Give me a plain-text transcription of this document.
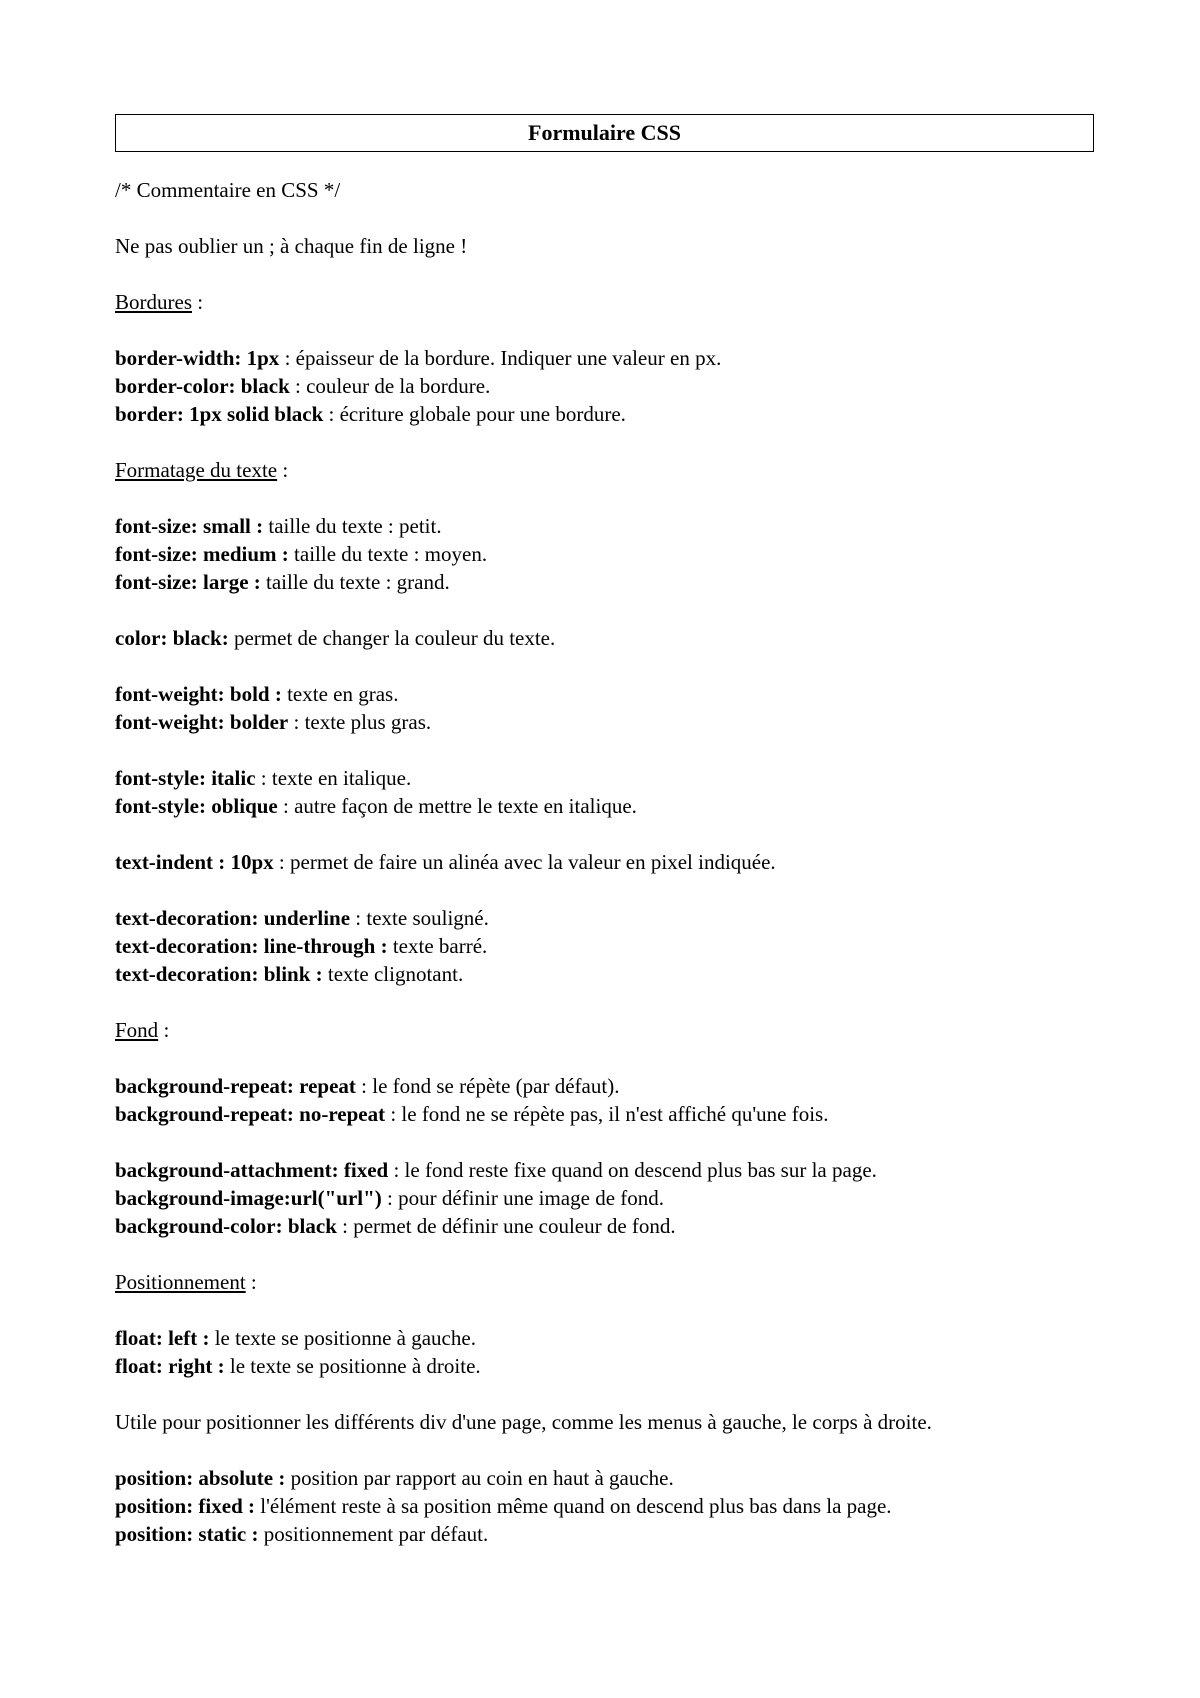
Formulaire CSS
/* Commentaire en CSS */
Ne pas oublier un ; à chaque fin de ligne !
Bordures :
border-width: 1px : épaisseur de la bordure. Indiquer une valeur en px.
border-color: black : couleur de la bordure.
border: 1px solid black : écriture globale pour une bordure.
Formatage du texte :
font-size: small : taille du texte : petit.
font-size: medium : taille du texte : moyen.
font-size: large : taille du texte : grand.
color: black: permet de changer la couleur du texte.
font-weight: bold : texte en gras.
font-weight: bolder : texte plus gras.
font-style: italic : texte en italique.
font-style: oblique : autre façon de mettre le texte en italique.
text-indent : 10px : permet de faire un alinéa avec la valeur en pixel indiquée.
text-decoration: underline : texte souligné.
text-decoration: line-through : texte barré.
text-decoration: blink : texte clignotant.
Fond :
background-repeat: repeat : le fond se répète (par défaut).
background-repeat: no-repeat : le fond ne se répète pas, il n'est affiché qu'une fois.
background-attachment: fixed : le fond reste fixe quand on descend plus bas sur la page.
background-image:url("url") : pour définir une image de fond.
background-color: black : permet de définir une couleur de fond.
Positionnement :
float: left : le texte se positionne à gauche.
float: right : le texte se positionne à droite.
Utile pour positionner les différents div d'une page, comme les menus à gauche, le corps à droite.
position: absolute : position par rapport au coin en haut à gauche.
position: fixed : l'élément reste à sa position même quand on descend plus bas dans la page.
position: static : positionnement par défaut.
